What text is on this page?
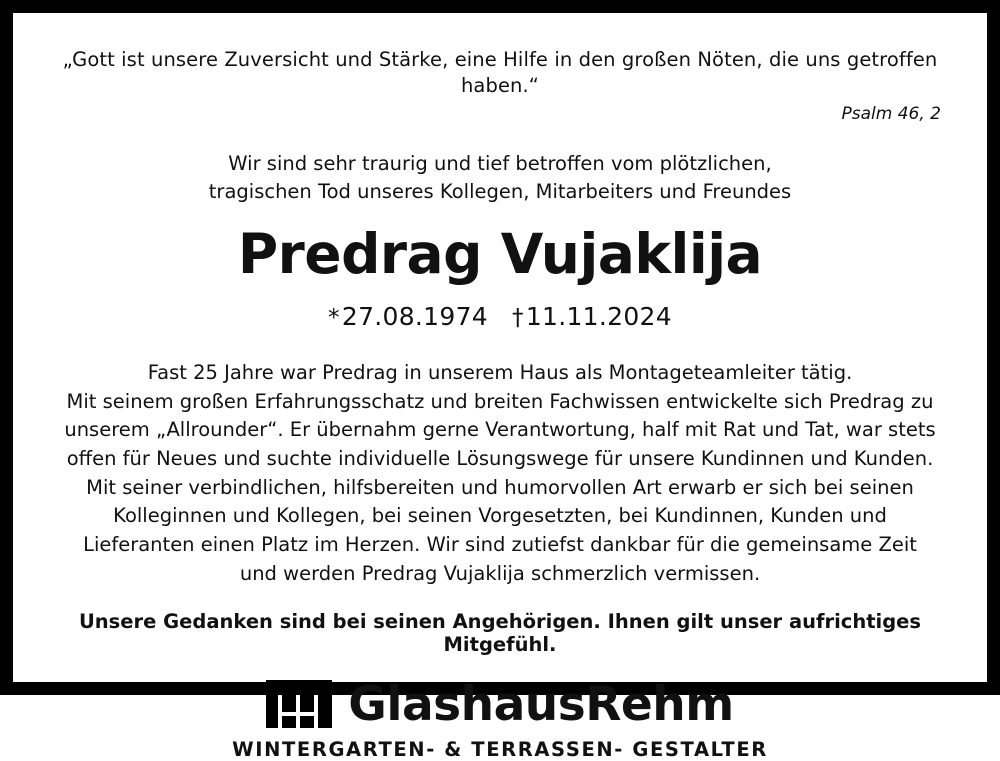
„Gott ist unsere Zuversicht und Stärke, eine Hilfe in den großen Nöten, die uns getroffen haben.“
Psalm 46, 2
Wir sind sehr traurig und tief betroffen vom plötzlichen,
tragischen Tod unseres Kollegen, Mitarbeiters und Freundes
Predrag Vujaklija
*27.08.1974 †11.11.2024
Fast 25 Jahre war Predrag in unserem Haus als Montageteamleiter tätig.
Mit seinem großen Erfahrungsschatz und breiten Fachwissen entwickelte sich Predrag zu
unserem „Allrounder“. Er übernahm gerne Verantwortung, half mit Rat und Tat, war stets
offen für Neues und suchte individuelle Lösungswege für unsere Kundinnen und Kunden.
Mit seiner verbindlichen, hilfsbereiten und humorvollen Art erwarb er sich bei seinen
Kolleginnen und Kollegen, bei seinen Vorgesetzten, bei Kundinnen, Kunden und
Lieferanten einen Platz im Herzen. Wir sind zutiefst dankbar für die gemeinsame Zeit
und werden Predrag Vujaklija schmerzlich vermissen.
Unsere Gedanken sind bei seinen Angehörigen. Ihnen gilt unser aufrichtiges Mitgefühl.
GlashausRehm
WINTERGARTEN- & TERRASSEN- GESTALTER
